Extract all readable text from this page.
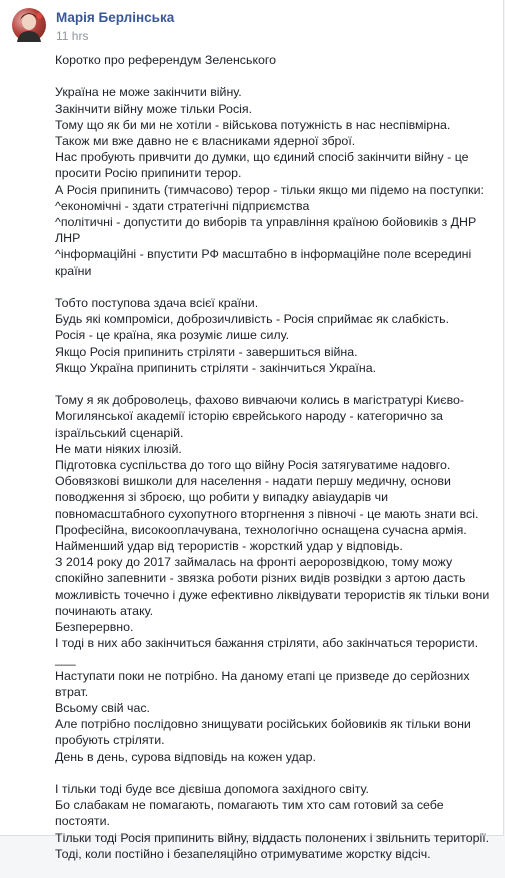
Марія Берлінська
11 hrs
Коротко про референдум Зеленського
Україна не може закінчити війну.
Закінчити війну може тільки Росія.
Тому що як би ми не хотіли - військова потужність в нас неспівмірна.
Також ми вже давно не є власниками ядерної зброї.
Нас пробують привчити до думки, що єдиний спосіб закінчити війну - це просити Росію припинити терор.
А Росія припинить (тимчасово) терор - тільки якщо ми підемо на поступки:
^економічні - здати стратегічні підприємства
^політичні - допустити до виборів та управління країною бойовиків з ДНР ЛНР
^інформаційні - впустити РФ масштабно в інформаційне поле всередині країни
Тобто поступова здача всієї країни.
Будь які компроміси, доброзичливість - Росія сприймає як слабкість.
Росія - це країна, яка розуміє лише силу.
Якщо Росія припинить стріляти - завершиться війна.
Якщо Україна припинить стріляти - закінчиться Україна.
Тому я як доброволець, фахово вивчаючи колись в магістратурі Києво-Могилянської академії історію єврейського народу - категорично за ізраїльський сценарій.
Не мати ніяких ілюзій.
Підготовка суспільства до того що війну Росія затягуватиме надовго.
Обовязкові вишколи для населення - надати першу медичну, основи поводження зі зброєю, що робити у випадку авіаударів чи повномасштабного сухопутного вторгнення з півночі - це мають знати всі.
Професійна, високооплачувана, технологічно оснащена сучасна армія.
Найменший удар від терористів - жорсткий удар у відповідь.
З 2014 року до 2017 займалась на фронті аеророзвідкою, тому можу спокійно запевнити - звязка роботи різних видів розвідки з артою дасть можливість точечно і дуже ефективно ліквідувати терористів як тільки вони починають атаку.
Безперервно.
І тоді в них або закінчиться бажання стріляти, або закінчаться терористи.
___
Наступати поки не потрібно. На даному етапі це призведе до серйозних втрат.
Всьому свій час.
Але потрібно послідовно знищувати російських бойовиків як тільки вони пробують стріляти.
День в день, сурова відповідь на кожен удар.
І тільки тоді буде все дієвіша допомога західного світу.
Бо слабакам не помагають, помагають тим хто сам готовий за себе постояти.
Тільки тоді Росія припинить війну, віддасть полонених і звільнить території.
Тоді, коли постійно і безапеляційно отримуватиме жорстку відсіч.
